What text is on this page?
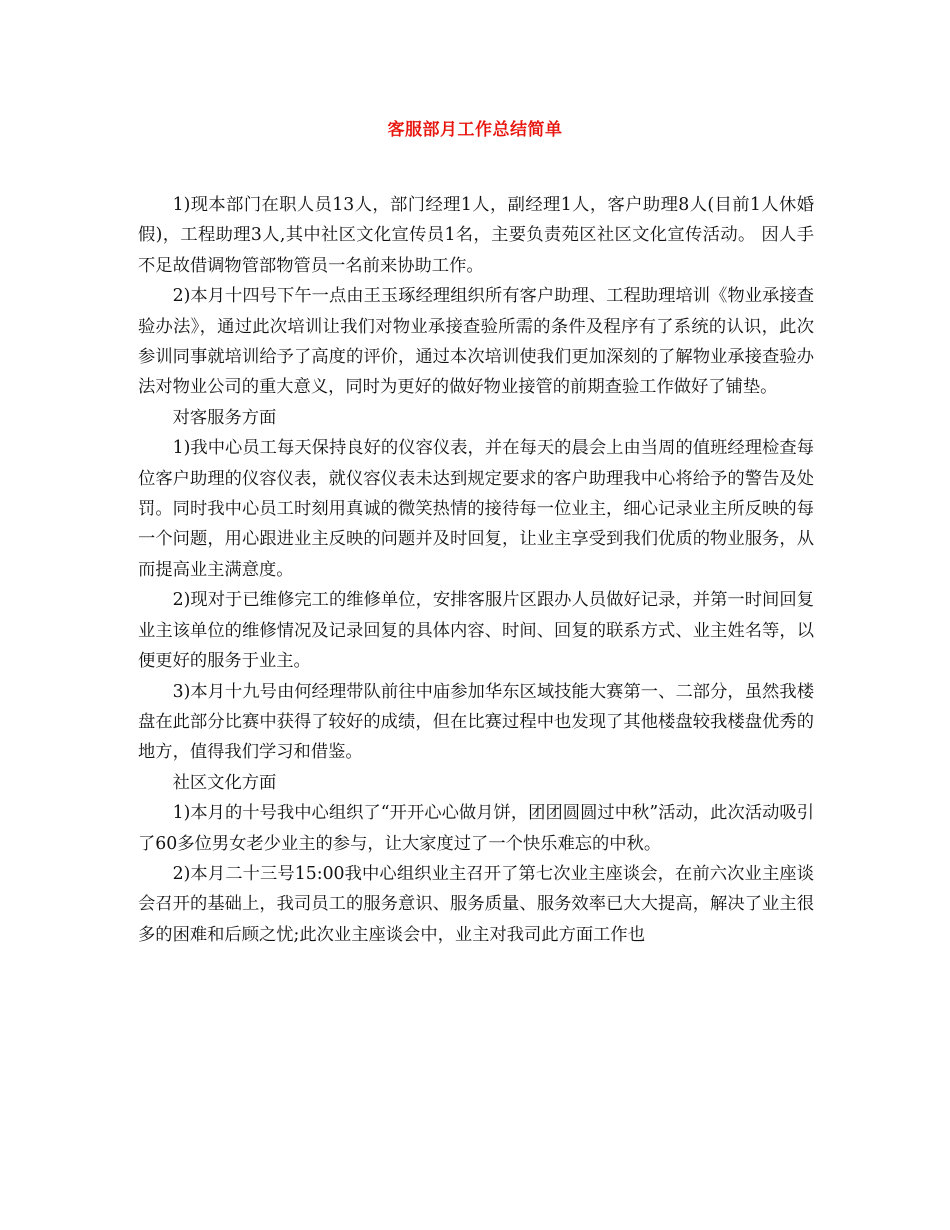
客服部月工作总结简单

1)现本部门在职人员13人，部门经理1人，副经理1人，客户助理8人(目前1人休婚假)，工程助理3人,其中社区文化宣传员1名，主要负责苑区社区文化宣传活动。 因人手不足故借调物管部物管员一名前来协助工作。

2)本月十四号下午一点由王玉琢经理组织所有客户助理、工程助理培训《物业承接查验办法》，通过此次培训让我们对物业承接查验所需的条件及程序有了系统的认识，此次参训同事就培训给予了高度的评价，通过本次培训使我们更加深刻的了解物业承接查验办法对物业公司的重大意义，同时为更好的做好物业接管的前期查验工作做好了铺垫。

对客服务方面

1)我中心员工每天保持良好的仪容仪表，并在每天的晨会上由当周的值班经理检查每位客户助理的仪容仪表，就仪容仪表未达到规定要求的客户助理我中心将给予的警告及处罚。同时我中心员工时刻用真诚的微笑热情的接待每一位业主，细心记录业主所反映的每一个问题，用心跟进业主反映的问题并及时回复，让业主享受到我们优质的物业服务，从而提高业主满意度。

2)现对于已维修完工的维修单位，安排客服片区跟办人员做好记录，并第一时间回复业主该单位的维修情况及记录回复的具体内容、时间、回复的联系方式、业主姓名等，以便更好的服务于业主。

3)本月十九号由何经理带队前往中庙参加华东区域技能大赛第一、二部分，虽然我楼盘在此部分比赛中获得了较好的成绩，但在比赛过程中也发现了其他楼盘较我楼盘优秀的地方，值得我们学习和借鉴。

社区文化方面

1)本月的十号我中心组织了“开开心心做月饼，团团圆圆过中秋”活动，此次活动吸引了60多位男女老少业主的参与，让大家度过了一个快乐难忘的中秋。

2)本月二十三号15:00我中心组织业主召开了第七次业主座谈会，在前六次业主座谈会召开的基础上，我司员工的服务意识、服务质量、服务效率已大大提高，解决了业主很多的困难和后顾之忧;此次业主座谈会中，业主对我司此方面工作也
